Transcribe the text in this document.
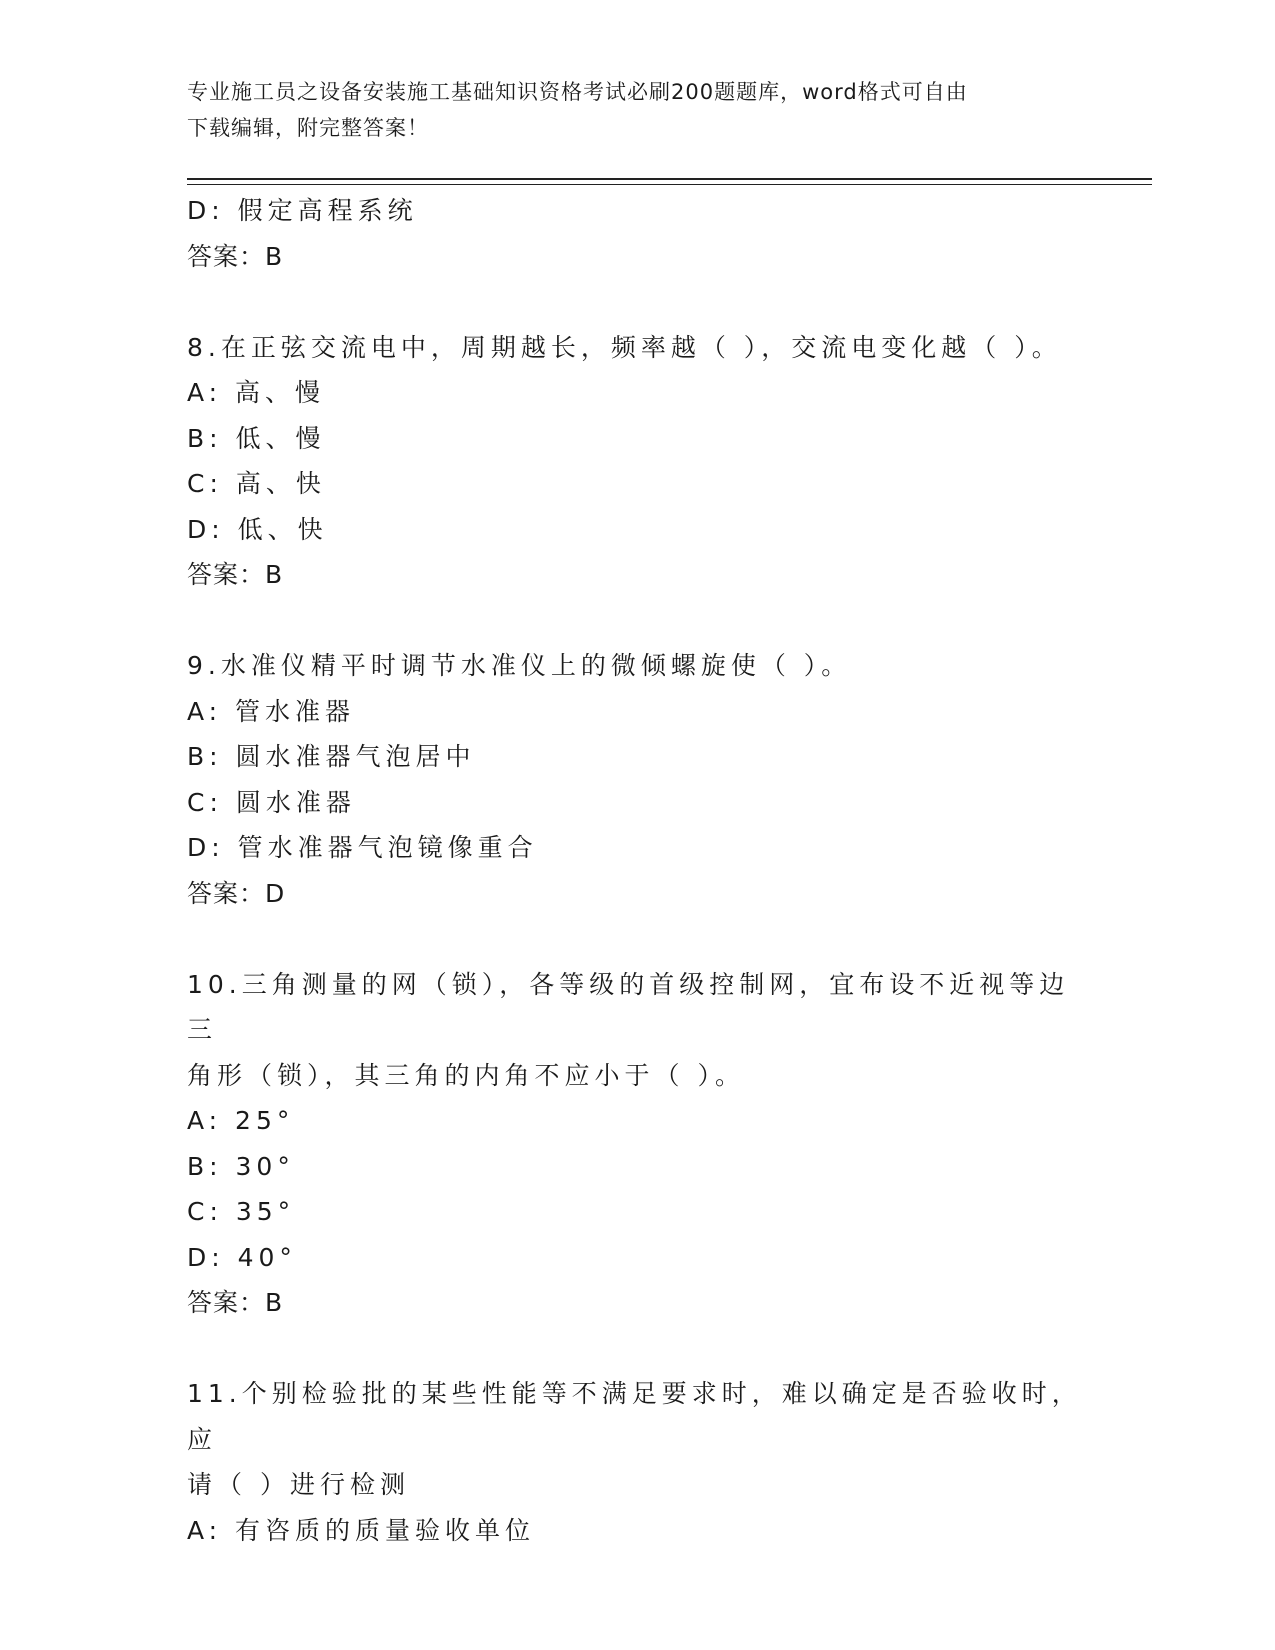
专业施工员之设备安装施工基础知识资格考试必刷200题题库，word格式可自由
下载编辑，附完整答案！
D: 假定高程系统
答案：B
8.在正弦交流电中，周期越长，频率越（ ），交流电变化越（ ）。
A: 高、慢
B: 低、慢
C: 高、快
D: 低、快
答案：B
9.水准仪精平时调节水准仪上的微倾螺旋使（ ）。
A: 管水准器
B: 圆水准器气泡居中
C: 圆水准器
D: 管水准器气泡镜像重合
答案：D
10.三角测量的网（锁），各等级的首级控制网，宜布设不近视等边三
角形（锁），其三角的内角不应小于（ ）。
A: 25°
B: 30°
C: 35°
D: 40°
答案：B
11.个别检验批的某些性能等不满足要求时，难以确定是否验收时，应
请（ ）进行检测
A: 有咨质的质量验收单位
